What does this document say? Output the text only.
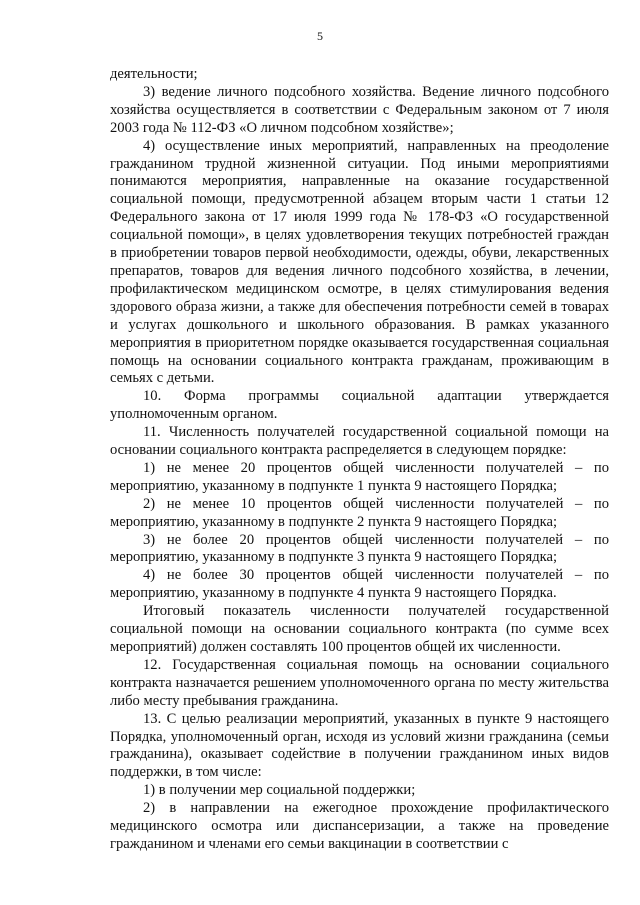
5

деятельности;

3) ведение личного подсобного хозяйства. Ведение личного подсобного хозяйства осуществляется в соответствии с Федеральным законом от 7 июля 2003 года № 112-ФЗ «О личном подсобном хозяйстве»;

4) осуществление иных мероприятий, направленных на преодоление гражданином трудной жизненной ситуации. Под иными мероприятиями понимаются мероприятия, направленные на оказание государственной социальной помощи, предусмотренной абзацем вторым части 1 статьи 12 Федерального закона от 17 июля 1999 года № 178-ФЗ «О государственной социальной помощи», в целях удовлетворения текущих потребностей граждан в приобретении товаров первой необходимости, одежды, обуви, лекарственных препаратов, товаров для ведения личного подсобного хозяйства, в лечении, профилактическом медицинском осмотре, в целях стимулирования ведения здорового образа жизни, а также для обеспечения потребности семей в товарах и услугах дошкольного и школьного образования. В рамках указанного мероприятия в приоритетном порядке оказывается государственная социальная помощь на основании социального контракта гражданам, проживающим в семьях с детьми.

10. Форма программы социальной адаптации утверждается уполномоченным органом.

11. Численность получателей государственной социальной помощи на основании социального контракта распределяется в следующем порядке:

1) не менее 20 процентов общей численности получателей – по мероприятию, указанному в подпункте 1 пункта 9 настоящего Порядка;

2) не менее 10 процентов общей численности получателей – по мероприятию, указанному в подпункте 2 пункта 9 настоящего Порядка;

3) не более 20 процентов общей численности получателей – по мероприятию, указанному в подпункте 3 пункта 9 настоящего Порядка;

4) не более 30 процентов общей численности получателей – по мероприятию, указанному в подпункте 4 пункта 9 настоящего Порядка.

Итоговый показатель численности получателей государственной социальной помощи на основании социального контракта (по сумме всех мероприятий) должен составлять 100 процентов общей их численности.

12. Государственная социальная помощь на основании социального контракта назначается решением уполномоченного органа по месту жительства либо месту пребывания гражданина.

13. С целью реализации мероприятий, указанных в пункте 9 настоящего Порядка, уполномоченный орган, исходя из условий жизни гражданина (семьи гражданина), оказывает содействие в получении гражданином иных видов поддержки, в том числе:

1) в получении мер социальной поддержки;

2) в направлении на ежегодное прохождение профилактического медицинского осмотра или диспансеризации, а также на проведение гражданином и членами его семьи вакцинации в соответствии с
